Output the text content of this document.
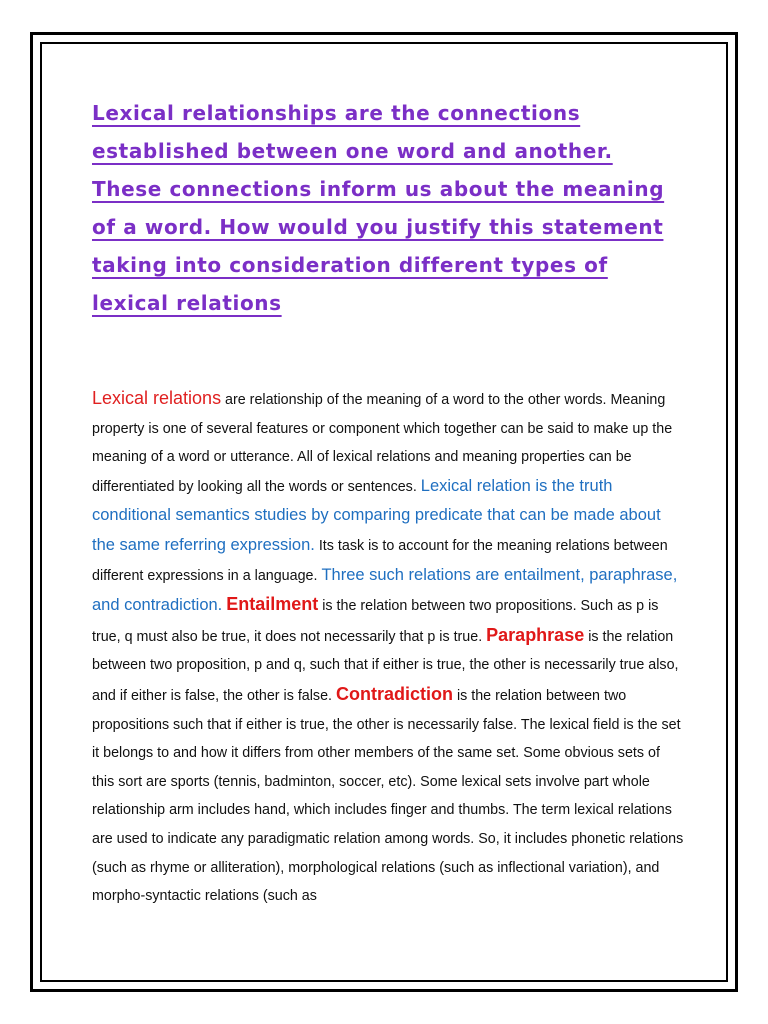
Lexical relationships are the connections established between one word and another. These connections inform us about the meaning of a word. How would you justify this statement taking into consideration different types of lexical relations

Lexical relations are relationship of the meaning of a word to the other words. Meaning property is one of several features or component which together can be said to make up the meaning of a word or utterance. All of lexical relations and meaning properties can be differentiated by looking all the words or sentences. Lexical relation is the truth conditional semantics studies by comparing predicate that can be made about the same referring expression. Its task is to account for the meaning relations between different expressions in a language. Three such relations are entailment, paraphrase, and contradiction. Entailment is the relation between two propositions. Such as p is true, q must also be true, it does not necessarily that p is true. Paraphrase is the relation between two proposition, p and q, such that if either is true, the other is necessarily true also, and if either is false, the other is false. Contradiction is the relation between two propositions such that if either is true, the other is necessarily false. The lexical field is the set it belongs to and how it differs from other members of the same set. Some obvious sets of this sort are sports (tennis, badminton, soccer, etc). Some lexical sets involve part whole relationship arm includes hand, which includes finger and thumbs. The term lexical relations are used to indicate any paradigmatic relation among words. So, it includes phonetic relations (such as rhyme or alliteration), morphological relations (such as inflectional variation), and morpho-syntactic relations (such as
